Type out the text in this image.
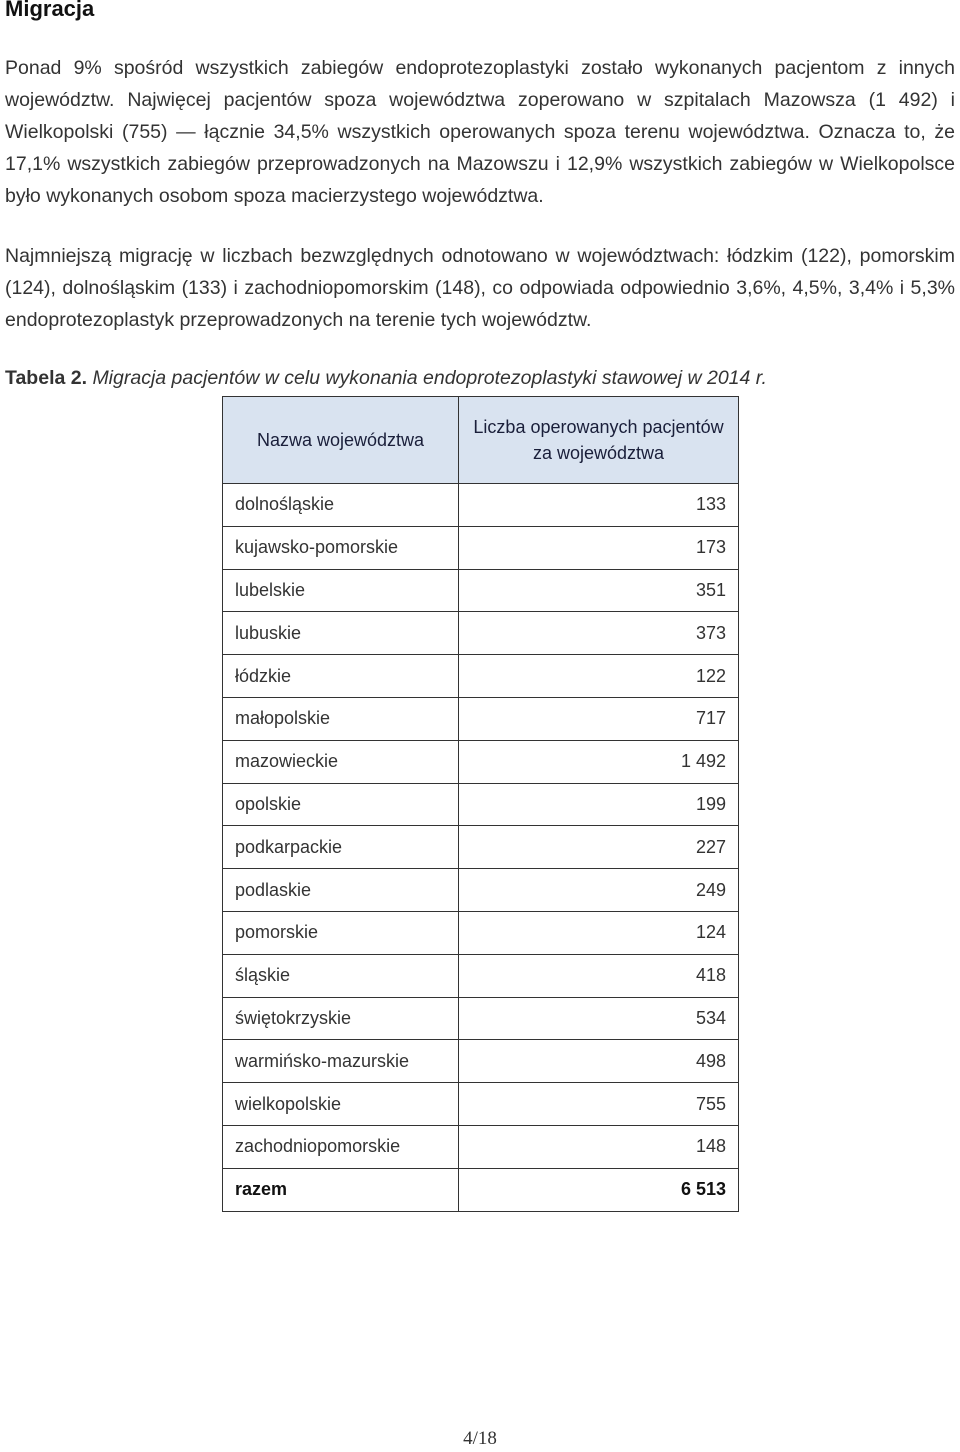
Migracja

Ponad 9% spośród wszystkich zabiegów endoprotezoplastyki zostało wykonanych pacjentom z innych województw. Najwięcej pacjentów spoza województwa zoperowano w szpitalach Mazowsza (1 492) i Wielkopolski (755) — łącznie 34,5% wszystkich operowanych spoza terenu województwa. Oznacza to, że 17,1% wszystkich zabiegów przeprowadzonych na Mazowszu i 12,9% wszystkich zabiegów w Wielkopolsce było wykonanych osobom spoza macierzystego województwa.

Najmniejszą migrację w liczbach bezwzględnych odnotowano w województwach: łódzkim (122), pomorskim (124), dolnośląskim (133) i zachodniopomorskim (148), co odpowiada odpowiednio 3,6%, 4,5%, 3,4% i 5,3% endoprotezoplastyk przeprowadzonych na terenie tych województw.

Tabela 2. Migracja pacjentów w celu wykonania endoprotezoplastyki stawowej w 2014 r.

Nazwa województwa	Liczba operowanych pacjentów za województwa
dolnośląskie	133
kujawsko-pomorskie	173
lubelskie	351
lubuskie	373
łódzkie	122
małopolskie	717
mazowieckie	1 492
opolskie	199
podkarpackie	227
podlaskie	249
pomorskie	124
śląskie	418
świętokrzyskie	534
warmińsko-mazurskie	498
wielkopolskie	755
zachodniopomorskie	148
razem	6 513
4/18
